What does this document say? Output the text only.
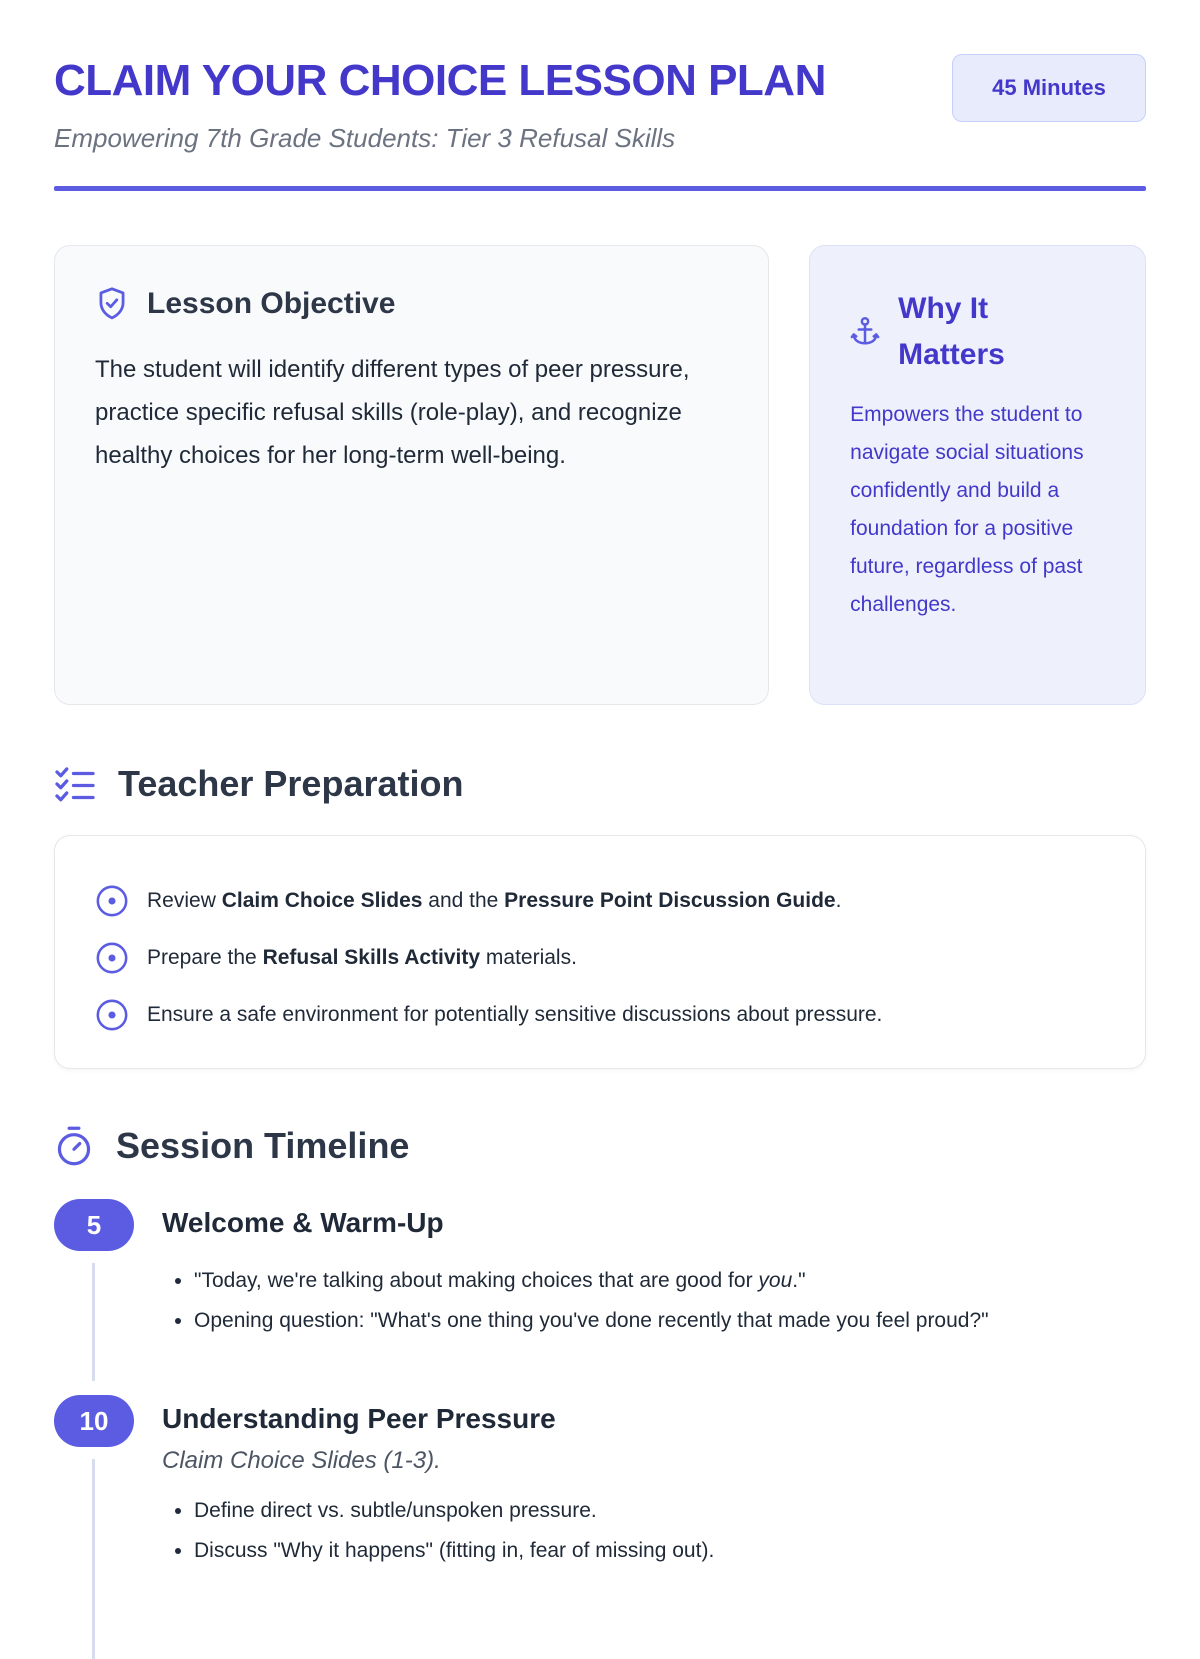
CLAIM YOUR CHOICE LESSON PLAN

Empowering 7th Grade Students: Tier 3 Refusal Skills

45 Minutes
Lesson Objective

The student will identify different types of peer pressure, practice specific refusal skills (role-play), and recognize healthy choices for her long-term well-being.

Why It Matters

Empowers the student to navigate social situations confidently and build a foundation for a positive future, regardless of past challenges.

Teacher Preparation
Review Claim Choice Slides and the Pressure Point Discussion Guide.
Prepare the Refusal Skills Activity materials.
Ensure a safe environment for potentially sensitive discussions about pressure.
Session Timeline
5	Welcome & Warm-Up
• "Today, we're talking about making choices that are good for you."
• Opening question: "What's one thing you've done recently that made you feel proud?"
10	Understanding Peer Pressure

Claim Choice Slides (1-3).

• Define direct vs. subtle/unspoken pressure.
• Discuss "Why it happens" (fitting in, fear of missing out).
